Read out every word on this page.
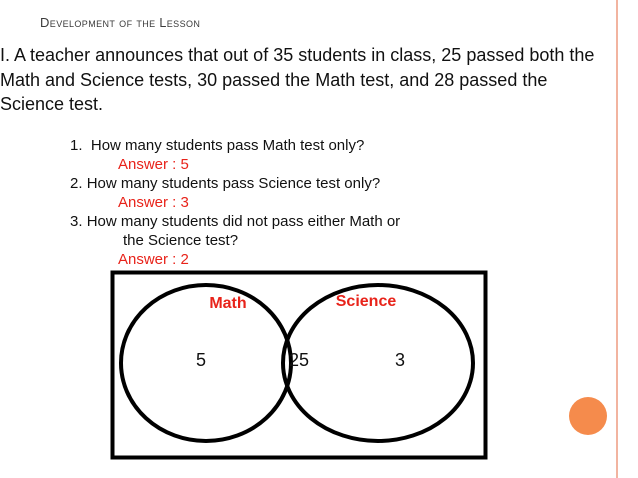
Development of the Lesson
I. A teacher announces that out of 35 students in class, 25 passed both the Math and Science tests, 30 passed the Math test, and 28 passed the Science test.
1. How many students pass Math test only?
Answer : 5
2. How many students pass Science test only?
Answer : 3
3. How many students did not pass either Math or
the Science test?
Answer : 2
Math	Science
5	25	3
